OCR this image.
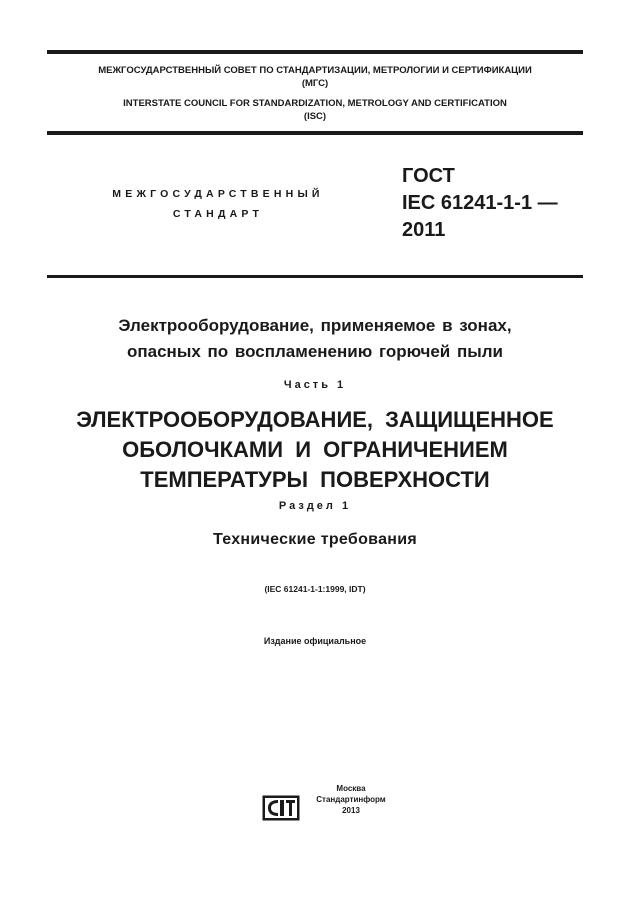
МЕЖГОСУДАРСТВЕННЫЙ СОВЕТ ПО СТАНДАРТИЗАЦИИ, МЕТРОЛОГИИ И СЕРТИФИКАЦИИ
(МГС)
INTERSTATE COUNCIL FOR STANDARDIZATION, METROLOGY AND CERTIFICATION
(ISC)
МЕЖГОСУДАРСТВЕННЫЙ
СТАНДАРТ
ГОСТ
IEC 61241-1-1 —
2011
Электрооборудование, применяемое в зонах,
опасных по воспламенению горючей пыли
Часть 1
ЭЛЕКТРООБОРУДОВАНИЕ, ЗАЩИЩЕННОЕ
ОБОЛОЧКАМИ И ОГРАНИЧЕНИЕМ
ТЕМПЕРАТУРЫ ПОВЕРХНОСТИ
Раздел 1
Технические требования
(IEC 61241-1-1:1999, IDT)
Издание официальное
Москва
Стандартинформ
2013
